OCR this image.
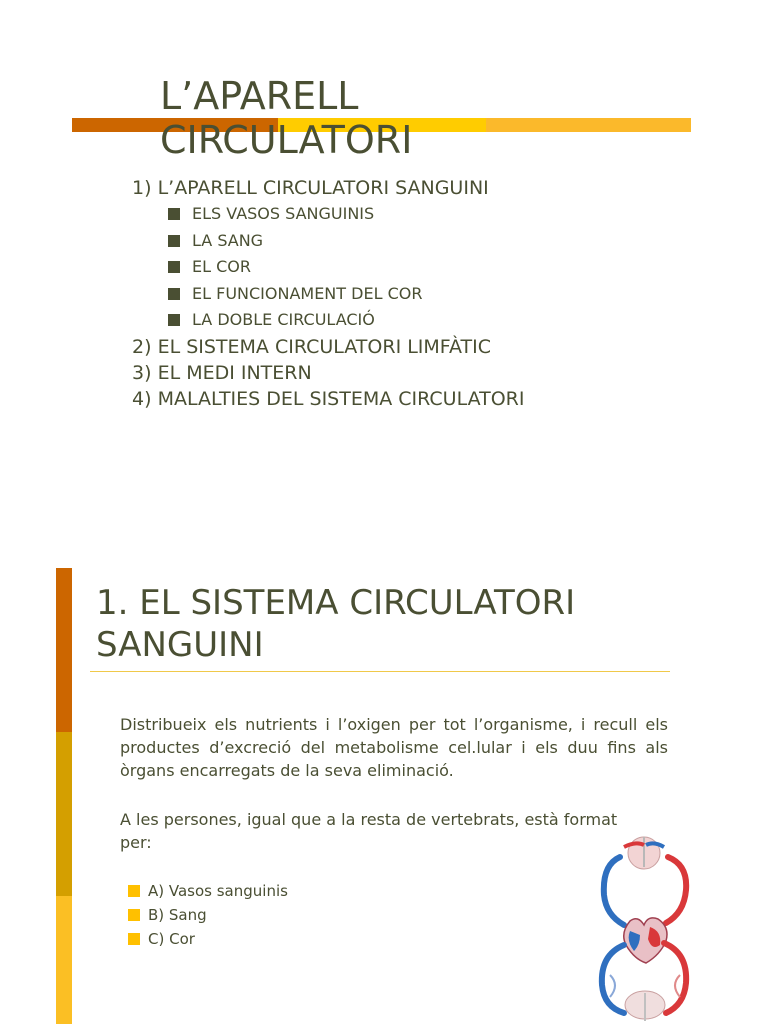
L’APARELL CIRCULATORI
1) L’APARELL CIRCULATORI SANGUINI
ELS VASOS SANGUINIS
LA SANG
EL COR
EL FUNCIONAMENT DEL COR
LA DOBLE CIRCULACIÓ
2) EL SISTEMA CIRCULATORI LIMFÀTIC
3) EL MEDI INTERN
4) MALALTIES DEL SISTEMA CIRCULATORI
1. EL SISTEMA CIRCULATORI SANGUINI
Distribueix els nutrients i l’oxigen per tot l’organisme, i recull els productes d’excreció del metabolisme cel.lular i els duu fins als òrgans encarregats de la seva eliminació.
A les persones, igual que a la resta de vertebrats, està format per:
A) Vasos sanguinis
B) Sang
C) Cor
